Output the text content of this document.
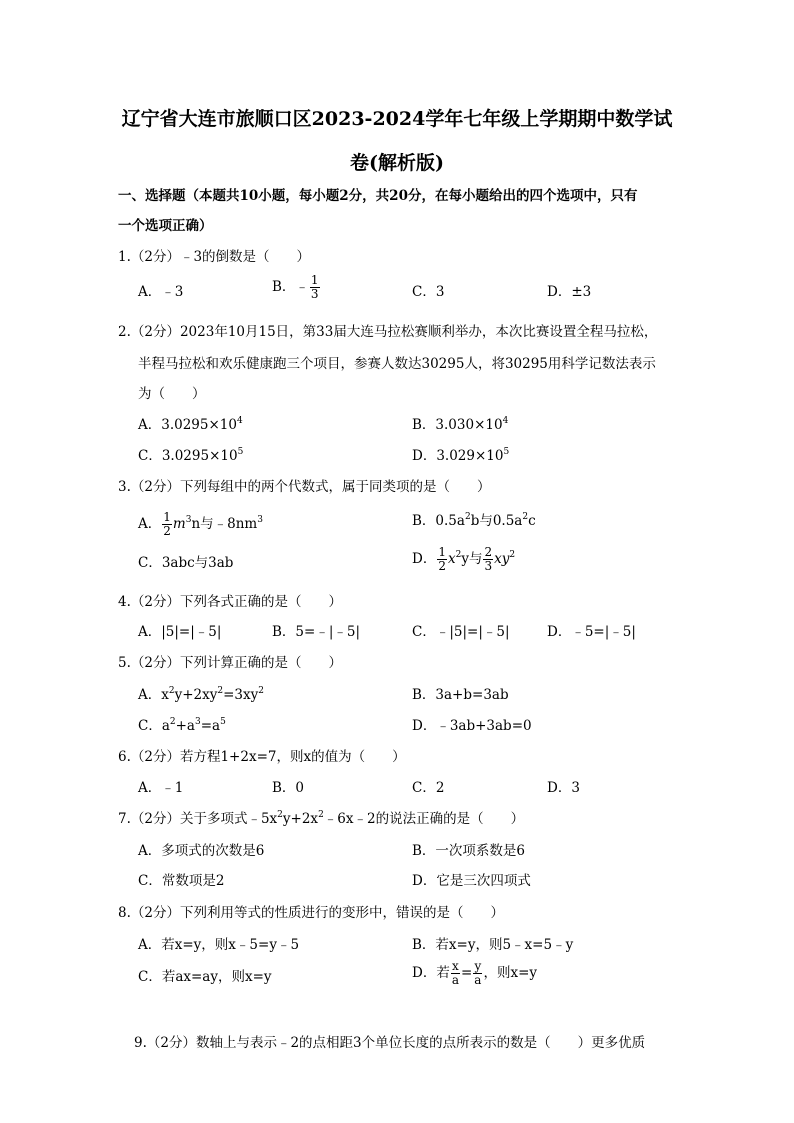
辽宁省大连市旅顺口区2023-2024学年七年级上学期期中数学试
卷(解析版)
一、选择题（本题共10小题，每小题2分，共20分，在每小题给出的四个选项中，只有
一个选项正确）
1.（2分）﹣3的倒数是（　　）
A．﹣3	B．﹣ $\frac{1}{3}$	C．3	D．±3
2.（2分）2023年10月15日，第33届大连马拉松赛顺利举办，本次比赛设置全程马拉松，
半程马拉松和欢乐健康跑三个项目，参赛人数达30295人，将30295用科学记数法表示
为（　　）
A．$3.0295\times 10^4$	B．$3.030\times 10^4$
C．$3.0295\times 10^5$	D．$3.029\times 10^5$
3.（2分）下列每组中的两个代数式，属于同类项的是（　　）
A． $\frac{1}{2} m^3n$与$﹣8nm^3$	B．$0.5a^2b$与$0.5a^2c$
C．3abc与3ab	D． $\frac{1}{2} x^2y$与 $\frac{2}{3} xy^2$
4.（2分）下列各式正确的是（　　）
A．|5|=|﹣5|	B．5=﹣|﹣5|	C．﹣|5|=|﹣5|	D．﹣5=|﹣5|
5.（2分）下列计算正确的是（　　）
A．$x^2y+2xy^2=3xy^2$	B．3a+b=3ab
C．$a^2+a^3=a^5$	D．﹣3ab+3ab=0
6.（2分）若方程1+2x=7，则x的值为（　　）
A．﹣1	B．0	C．2	D．3
7.（2分）关于多项式$﹣5x^2y+2x^2﹣6x﹣2$的说法正确的是（　　）
A．多项式的次数是6	B．一次项系数是6
C．常数项是2	D．它是三次四项式
8.（2分）下列利用等式的性质进行的变形中，错误的是（　　）
A．若x=y，则x﹣5=y﹣5	B．若x=y，则5﹣x=5﹣y
C．若ax=ay，则x=y	D．若 $\frac{x}{a} = \frac{y}{a}$ ，则x=y
9.（2分）数轴上与表示﹣2的点相距3个单位长度的点所表示的数是（　　）更多优质
